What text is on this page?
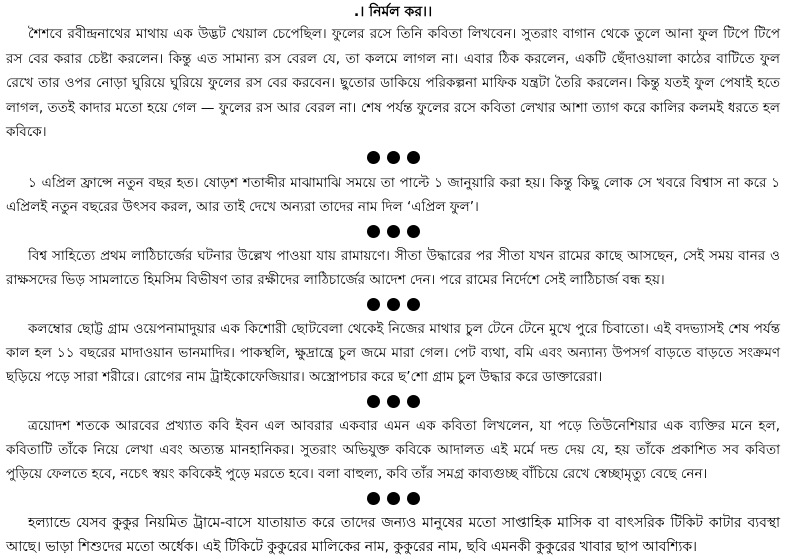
.। নির্মল কর।।

শৈশবে রবীন্দ্রনাথের মাথায় এক উদ্ভট খেয়াল চেপেছিল। ফুলের রসে তিনি কবিতা লিখবেন। সুতরাং বাগান থেকে তুলে আনা ফুল টিপে টিপে রস বের করার চেষ্টা করলেন। কিন্তু এত সামান্য রস বেরল যে, তা কলমে লাগল না। এবার ঠিক করলেন, একটি ছেঁদাওয়ালা কাঠের বাটিতে ফুল রেখে তার ওপর নোড়া ঘুরিয়ে ঘুরিয়ে ফুলের রস বের করবেন। ছুতোর ডাকিয়ে পরিকল্পনা মাফিক যন্ত্রটা তৈরি করলেন। কিন্তু যতই ফুল পেষাই হতে লাগল, ততই কাদার মতো হয়ে গেল — ফুলের রস আর বেরল না। শেষ পর্যন্ত ফুলের রসে কবিতা লেখার আশা ত্যাগ করে কালির কলমই ধরতে হল কবিকে।

১ এপ্রিল ফ্রান্সে নতুন বছর হত। ষোড়শ শতাব্দীর মাঝামাঝি সময়ে তা পাল্টে ১ জানুয়ারি করা হয়। কিন্তু কিছু লোক সে খবরে বিশ্বাস না করে ১ এপ্রিলই নতুন বছরের উৎসব করল, আর তাই দেখে অন্যরা তাদের নাম দিল ‘এপ্রিল ফুল’।

বিশ্ব সাহিত্যে প্রথম লাঠিচার্জের ঘটনার উল্লেখ পাওয়া যায় রামায়ণে। সীতা উদ্ধারের পর সীতা যখন রামের কাছে আসছেন, সেই সময় বানর ও রাক্ষসদের ভিড় সামলাতে হিমসিম বিভীষণ তার রক্ষীদের লাঠিচার্জের আদেশ দেন। পরে রামের নির্দেশে সেই লাঠিচার্জ বন্ধ হয়।

কলম্বোর ছোট্ট গ্রাম ওয়েপনামাদুয়ার এক কিশোরী ছোটবেলা থেকেই নিজের মাথার চুল টেনে টেনে মুখে পুরে চিবাতো। এই বদভ্যাসই শেষ পর্যন্ত কাল হল ১১ বছরের মাদাওয়ান ভানমাদির। পাকস্থলি, ক্ষুদ্রান্ত্রে চুল জমে মারা গেল। পেট ব্যথা, বমি এবং অন্যান্য উপসর্গ বাড়তে বাড়তে সংক্রমণ ছড়িয়ে পড়ে সারা শরীরে। রোগের নাম ট্রাইকোফেজিয়ার। অস্ত্রোপচার করে ছ’শো গ্রাম চুল উদ্ধার করে ডাক্তারেরা।

ত্রয়োদশ শতকে আরবের প্রখ্যাত কবি ইবন এল আবরার একবার এমন এক কবিতা লিখলেন, যা পড়ে তিউনেশিয়ার এক ব্যক্তির মনে হল, কবিতাটি তাঁকে নিয়ে লেখা এবং অত্যন্ত মানহানিকর। সুতরাং অভিযুক্ত কবিকে আদালত এই মর্মে দন্ড দেয় যে, হয় তাঁকে প্রকাশিত সব কবিতা পুড়িয়ে ফেলতে হবে, নচেৎ স্বয়ং কবিকেই পুড়ে মরতে হবে। বলা বাহুল্য, কবি তাঁর সমগ্র কাব্যগুচ্ছ বাঁচিয়ে রেখে স্বেচ্ছামৃত্যু বেছে নেন।

হল্যান্ডে যেসব কুকুর নিয়মিত ট্রামে-বাসে যাতায়াত করে তাদের জন্যও মানুষের মতো সাপ্তাহিক মাসিক বা বাৎসরিক টিকিট কাটার ব্যবস্থা আছে। ভাড়া শিশুদের মতো অর্ধেক। এই টিকিটে কুকুরের মালিকের নাম, কুকুরের নাম, ছবি এমনকী কুকুরের খাবার ছাপ আবশ্যিক।
